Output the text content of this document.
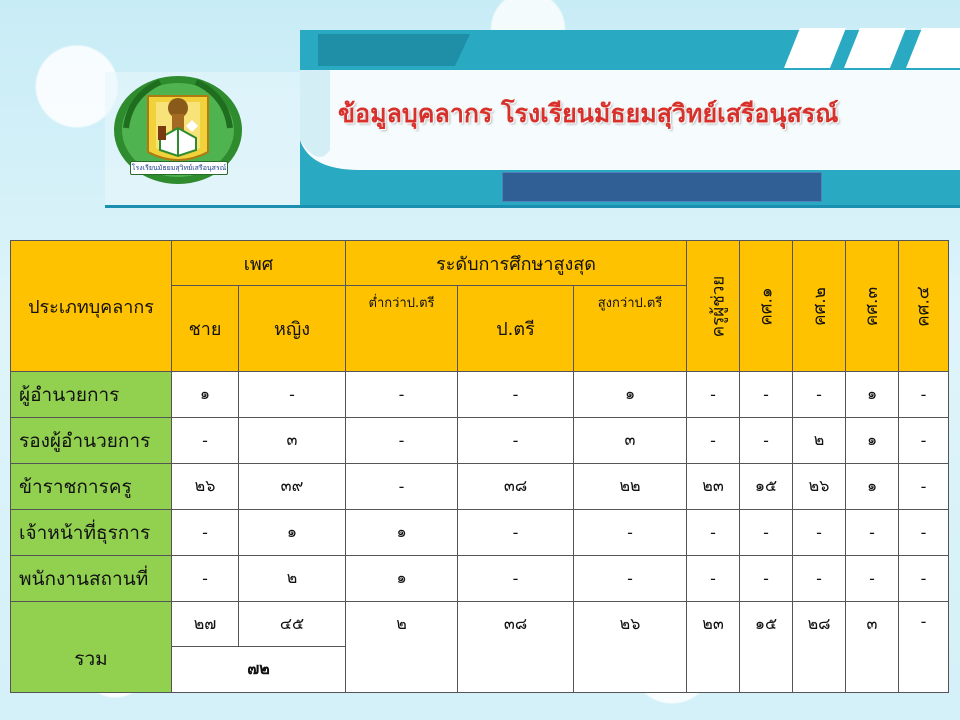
โรงเรียนมัธยมสุวิทย์เสรีอนุสรณ์
ข้อมูลบุคลากร โรงเรียนมัธยมสุวิทย์เสรีอนุสรณ์
ประเภทบุคลากร	เพศ		ระดับการศึกษาสูงสุด			ครูผู้ช่วย	คศ.๑	คศ.๒	คศ.๓	คศ.๔
	ชาย	หญิง	ต่ำกว่าป.ตรี	ป.ตรี	สูงกว่าป.ตรี					
ผู้อำนวยการ	๑	-	-	-	๑	-	-	-	๑	-
รองผู้อำนวยการ	-	๓	-	-	๓	-	-	๒	๑	-
ข้าราชการครู	๒๖	๓๙	-	๓๘	๒๒	๒๓	๑๕	๒๖	๑	-
เจ้าหน้าที่ธุรการ	-	๑	๑	-	-	-	-	-	-	-
พนักงานสถานที่	-	๒	๑	-	-	-	-	-	-	-
รวม	๒๗	๔๕	๒	๓๘	๒๖	๒๓	๑๕	๒๘	๓	-
	๗๒									
